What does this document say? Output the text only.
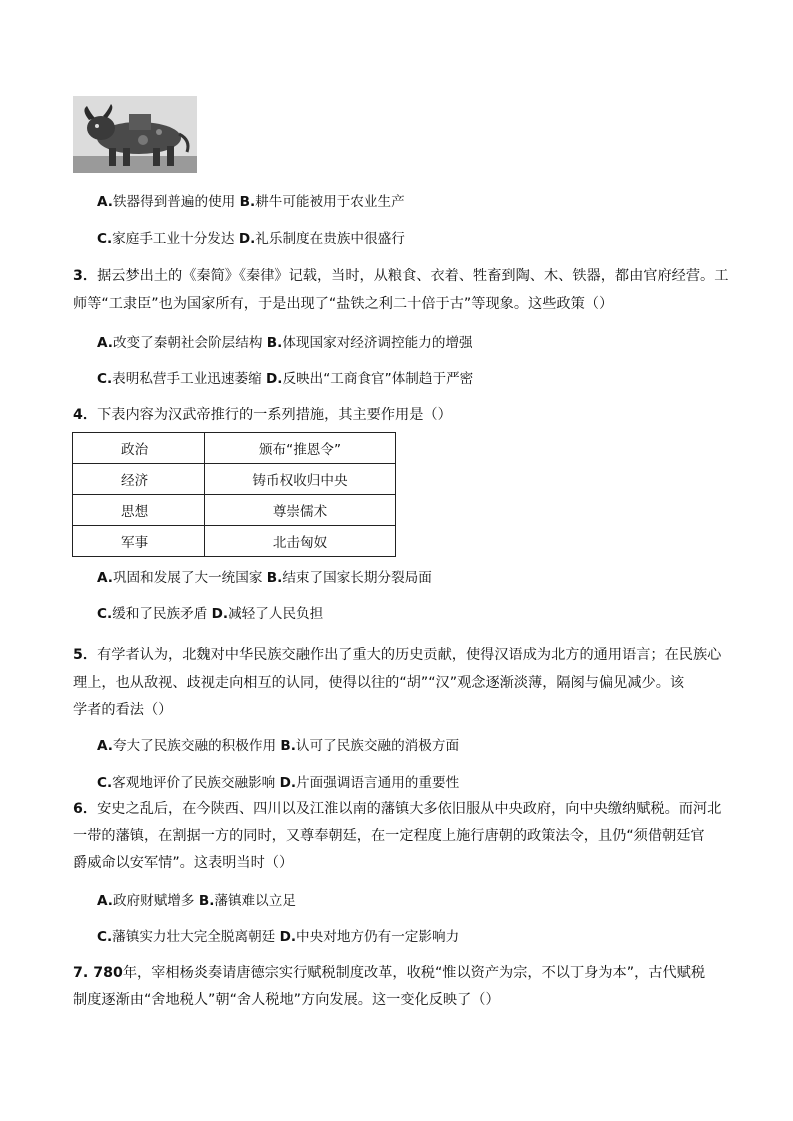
A.铁器得到普遍的使用 B.耕牛可能被用于农业生产
C.家庭手工业十分发达 D.礼乐制度在贵族中很盛行
3．据云梦出土的《秦简》《秦律》记载，当时，从粮食、衣着、牲畜到陶、木、铁器，都由官府经营。工
师等“工隶臣”也为国家所有，于是出现了“盐铁之利二十倍于古”等现象。这些政策（）
A.改变了秦朝社会阶层结构 B.体现国家对经济调控能力的增强
C.表明私营手工业迅速萎缩 D.反映出“工商食官”体制趋于严密
4．下表内容为汉武帝推行的一系列措施，其主要作用是（）
政治	颁布“推恩令”
经济	铸币权收归中央
思想	尊崇儒术
军事	北击匈奴
A.巩固和发展了大一统国家 B.结束了国家长期分裂局面
C.缓和了民族矛盾 D.减轻了人民负担
5．有学者认为，北魏对中华民族交融作出了重大的历史贡献，使得汉语成为北方的通用语言；在民族心
理上，也从敌视、歧视走向相互的认同，使得以往的“胡”“汉”观念逐渐淡薄，隔阂与偏见减少。该
学者的看法（）
A.夸大了民族交融的积极作用 B.认可了民族交融的消极方面
C.客观地评价了民族交融影响 D.片面强调语言通用的重要性
6．安史之乱后，在今陕西、四川以及江淮以南的藩镇大多依旧服从中央政府，向中央缴纳赋税。而河北
一带的藩镇，在割据一方的同时，又尊奉朝廷，在一定程度上施行唐朝的政策法令，且仍“须借朝廷官
爵威命以安军情”。这表明当时（）
A.政府财赋增多 B.藩镇难以立足
C.藩镇实力壮大完全脱离朝廷 D.中央对地方仍有一定影响力
7. 780年，宰相杨炎奏请唐德宗实行赋税制度改革，收税“惟以资产为宗，不以丁身为本”，古代赋税
制度逐渐由“舍地税人”朝“舍人税地”方向发展。这一变化反映了（）
